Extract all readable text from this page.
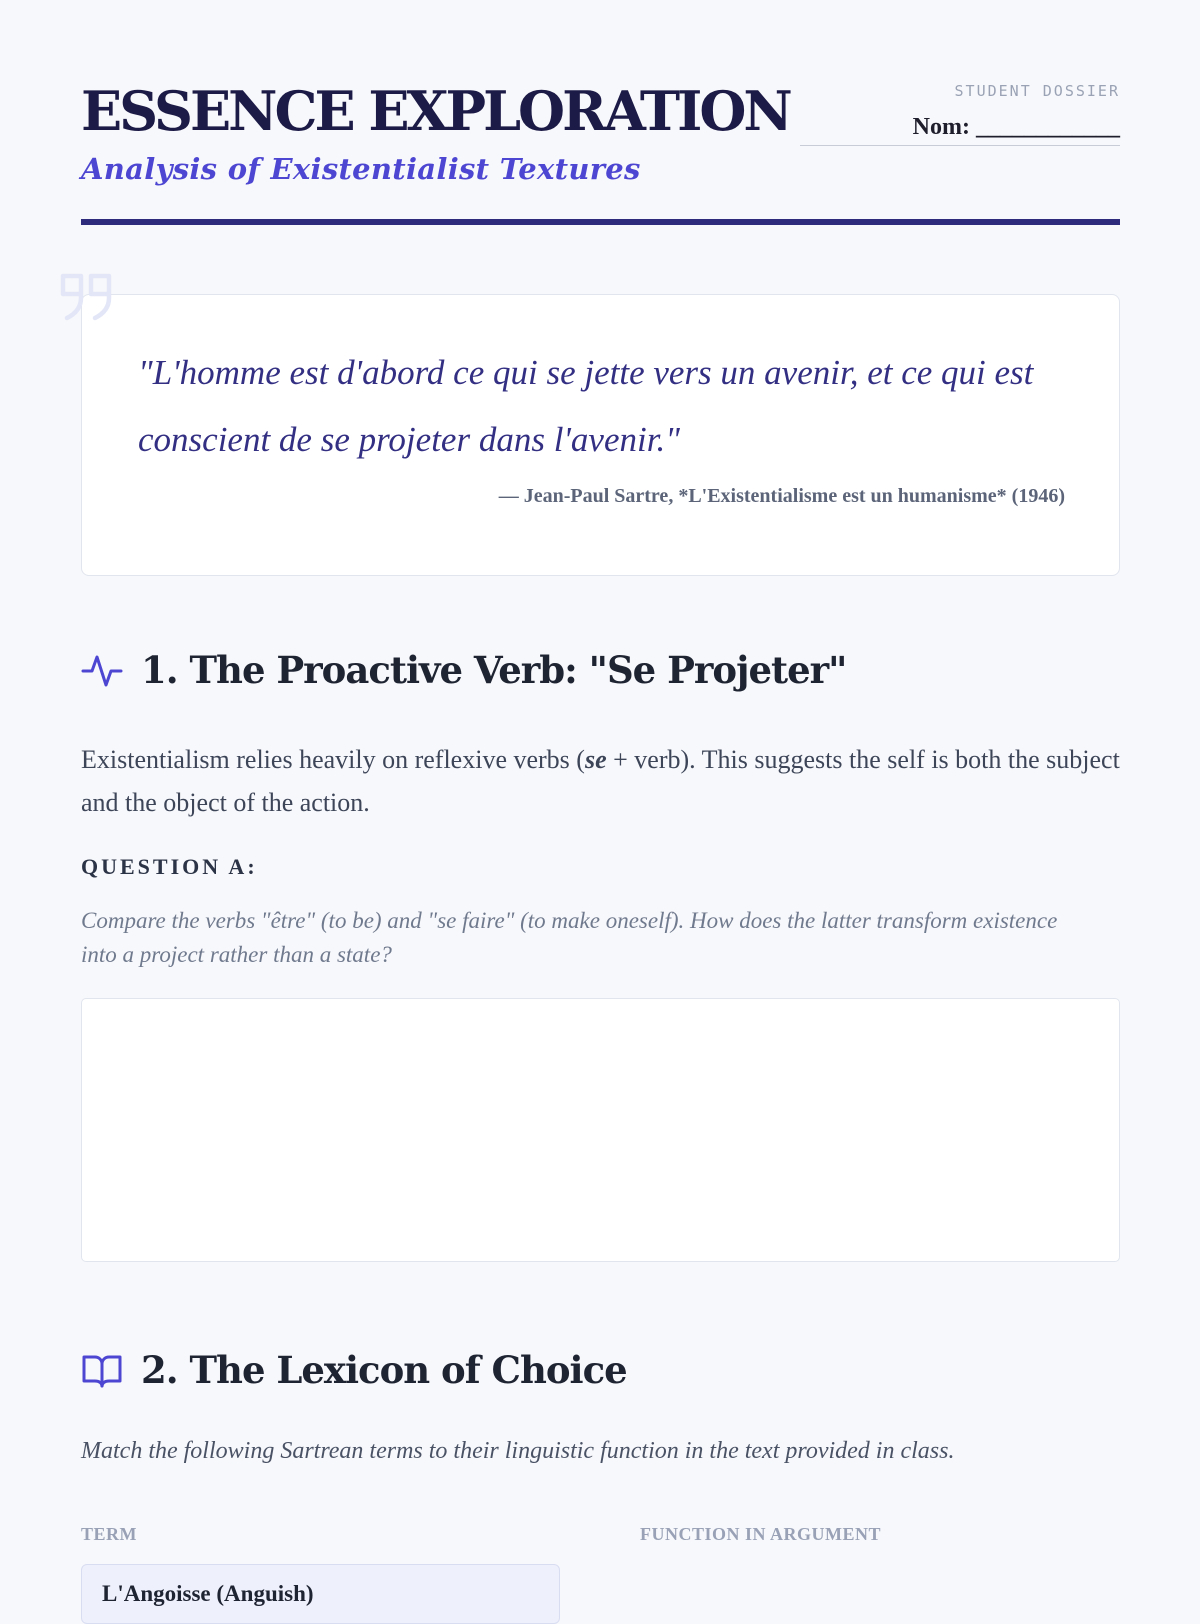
ESSENCE EXPLORATION

Analysis of Existentialist Textures

STUDENT DOSSIER
Nom: ____________

"L'homme est d'abord ce qui se jette vers un avenir, et ce qui est conscient de se projeter dans l'avenir."

— Jean-Paul Sartre, *L'Existentialisme est un humanisme* (1946)
1. The Proactive Verb: "Se Projeter"

Existentialism relies heavily on reflexive verbs (se + verb). This suggests the self is both the subject and the object of the action.

QUESTION A:

Compare the verbs "être" (to be) and "se faire" (to make oneself). How does the latter transform existence into a project rather than a state?

2. The Lexicon of Choice

Match the following Sartrean terms to their linguistic function in the text provided in class.

TERM	FUNCTION IN ARGUMENT

L'Angoisse (Anguish)
